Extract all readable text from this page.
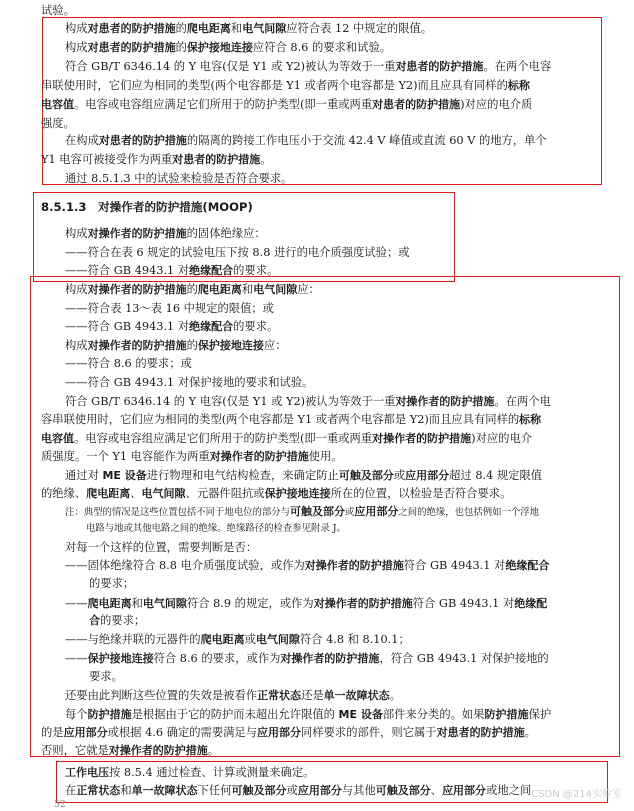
试验。
构成对患者的防护措施的爬电距离和电气间隙应符合表 12 中规定的限值。
构成对患者的防护措施的保护接地连接应符合 8.6 的要求和试验。
符合 GB/T 6346.14 的 Y 电容(仅是 Y1 或 Y2)被认为等效于一重对患者的防护措施。在两个电容
串联使用时，它们应为相同的类型(两个电容都是 Y1 或者两个电容都是 Y2)而且应具有同样的标称
电容值。电容或电容组应满足它们所用于的防护类型(即一重或两重对患者的防护措施)对应的电介质
强度。
在构成对患者的防护措施的隔离的跨接工作电压小于交流 42.4 V 峰值或直流 60 V 的地方，单个
Y1 电容可被接受作为两重对患者的防护措施。
通过 8.5.1.3 中的试验来检验是否符合要求。
8.5.1.3　对操作者的防护措施(MOOP)
构成对操作者的防护措施的固体绝缘应：
——符合在表 6 规定的试验电压下按 8.8 进行的电介质强度试验；或
——符合 GB 4943.1 对绝缘配合的要求。
构成对操作者的防护措施的爬电距离和电气间隙应：
——符合表 13～表 16 中规定的限值；或
——符合 GB 4943.1 对绝缘配合的要求。
构成对操作者的防护措施的保护接地连接应：
——符合 8.6 的要求；或
——符合 GB 4943.1 对保护接地的要求和试验。
符合 GB/T 6346.14 的 Y 电容(仅是 Y1 或 Y2)被认为等效于一重对操作者的防护措施。在两个电
容串联使用时，它们应为相同的类型(两个电容都是 Y1 或者两个电容都是 Y2)而且应具有同样的标称
电容值。电容或电容组应满足它们所用于的防护类型(即一重或两重对操作者的防护措施)对应的电介
质强度。一个 Y1 电容能作为两重对操作者的防护措施使用。
通过对 ME 设备进行物理和电气结构检查，来确定防止可触及部分或应用部分超过 8.4 规定限值
的绝缘、爬电距离、电气间隙、元器件阻抗或保护接地连接所在的位置，以检验是否符合要求。
注：典型的情况是这些位置包括不同于地电位的部分与可触及部分或应用部分之间的绝缘，也包括例如一个浮地
电路与地或其他电路之间的绝缘。绝缘路径的检查参见附录 J。
对每一个这样的位置，需要判断是否：
——固体绝缘符合 8.8 电介质强度试验，或作为对操作者的防护措施符合 GB 4943.1 对绝缘配合
的要求；
——爬电距离和电气间隙符合 8.9 的规定，或作为对操作者的防护措施符合 GB 4943.1 对绝缘配
合的要求；
——与绝缘并联的元器件的爬电距离或电气间隙符合 4.8 和 8.10.1；
——保护接地连接符合 8.6 的要求，或作为对操作者的防护措施，符合 GB 4943.1 对保护接地的
要求。
还要由此判断这些位置的失效是被看作正常状态还是单一故障状态。
每个防护措施是根据由于它的防护而未超出允许限值的 ME 设备部件来分类的。如果防护措施保护
的是应用部分或根据 4.6 确定的需要满足与应用部分同样要求的部件，则它属于对患者的防护措施。
否则，它就是对操作者的防护措施。
工作电压按 8.5.4 通过检查、计算或测量来确定。
在正常状态和单一故障状态下任何可触及部分或应用部分与其他可触及部分、应用部分或地之间
52
CSDN @214实验室
